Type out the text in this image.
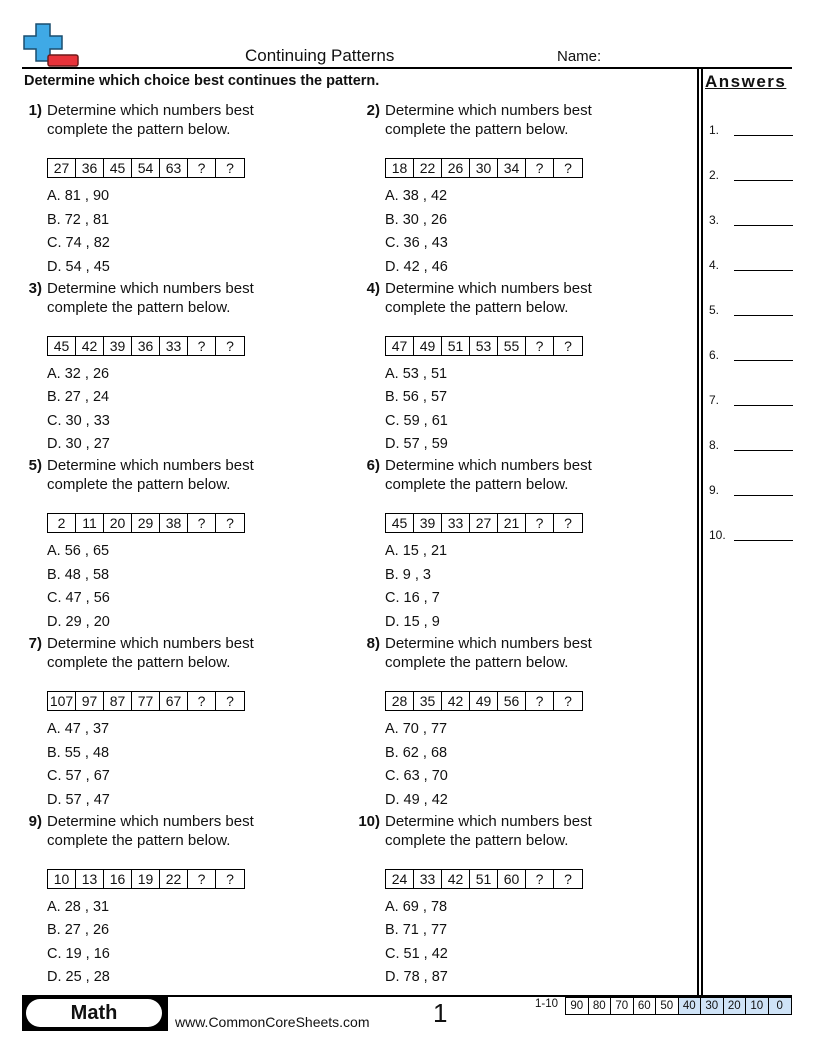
Continuing Patterns	Name:
Determine which choice best continues the pattern.	Answers
1.
2.
3.
4.
5.
6.
7.
8.
9.
10.
1) Determine which numbers best complete the pattern below.
27 36 45 54 63	?	?
A. 81 , 90
B. 72 , 81
C. 74 , 82
D. 54 , 45
2) Determine which numbers best complete the pattern below.
18 22 26 30 34	?	?
A. 38 , 42
B. 30 , 26
C. 36 , 43
D. 42 , 46
3) Determine which numbers best complete the pattern below.
45 42 39 36 33	?	?
A. 32 , 26
B. 27 , 24
C. 30 , 33
D. 30 , 27
4) Determine which numbers best complete the pattern below.
47 49 51 53 55	?	?
A. 53 , 51
B. 56 , 57
C. 59 , 61
D. 57 , 59
5) Determine which numbers best complete the pattern below.
2	11 20 29 38	?	?
A. 56 , 65
B. 48 , 58
C. 47 , 56
D. 29 , 20
6) Determine which numbers best complete the pattern below.
45 39 33 27 21	?	?
A. 15 , 21
B. 9 , 3
C. 16 , 7
D. 15 , 9
7) Determine which numbers best complete the pattern below.
107 97 87 77 67	?	?
A. 47 , 37
B. 55 , 48
C. 57 , 67
D. 57 , 47
8) Determine which numbers best complete the pattern below.
28 35 42 49 56	?	?
A. 70 , 77
B. 62 , 68
C. 63 , 70
D. 49 , 42
9) Determine which numbers best complete the pattern below.
10 13 16 19 22	?	?
A. 28 , 31
B. 27 , 26
C. 19 , 16
D. 25 , 28
10) Determine which numbers best complete the pattern below.
24 33 42 51 60	?	?
A. 69 , 78
B. 71 , 77
C. 51 , 42
D. 78 , 87
Math	www.CommonCoreSheets.com 1	1-10	90 80 70 60 50 40 30 20 10	0
